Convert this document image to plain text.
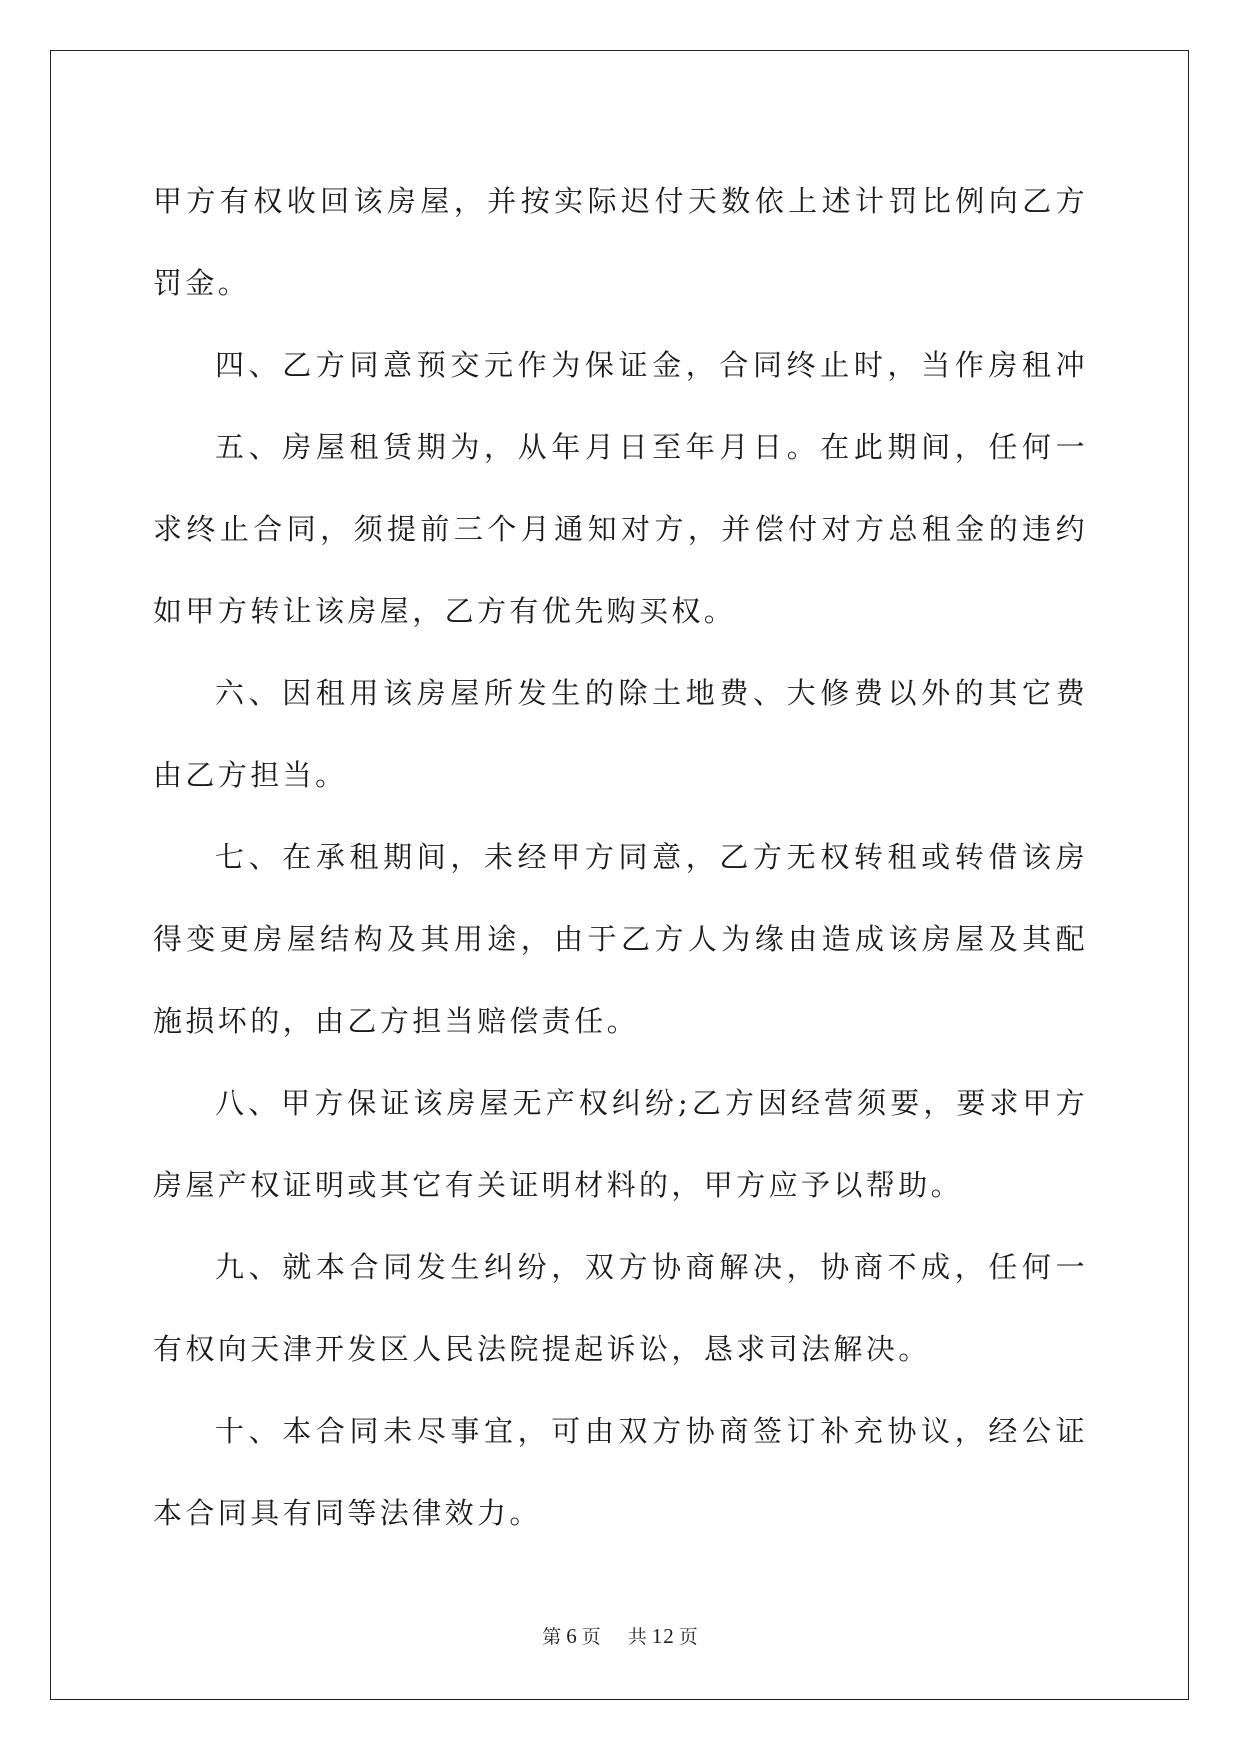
甲方有权收回该房屋，并按实际迟付天数依上述计罚比例向乙方
罚金。
四、乙方同意预交元作为保证金，合同终止时，当作房租冲
五、房屋租赁期为，从年月日至年月日。在此期间，任何一
求终止合同，须提前三个月通知对方，并偿付对方总租金的违约
如甲方转让该房屋，乙方有优先购买权。
六、因租用该房屋所发生的除土地费、大修费以外的其它费
由乙方担当。
七、在承租期间，未经甲方同意，乙方无权转租或转借该房
得变更房屋结构及其用途，由于乙方人为缘由造成该房屋及其配
施损坏的，由乙方担当赔偿责任。
八、甲方保证该房屋无产权纠纷;乙方因经营须要，要求甲方
房屋产权证明或其它有关证明材料的，甲方应予以帮助。
九、就本合同发生纠纷，双方协商解决，协商不成，任何一
有权向天津开发区人民法院提起诉讼，恳求司法解决。
十、本合同未尽事宜，可由双方协商签订补充协议，经公证
本合同具有同等法律效力。
第 6 页 共 12 页
